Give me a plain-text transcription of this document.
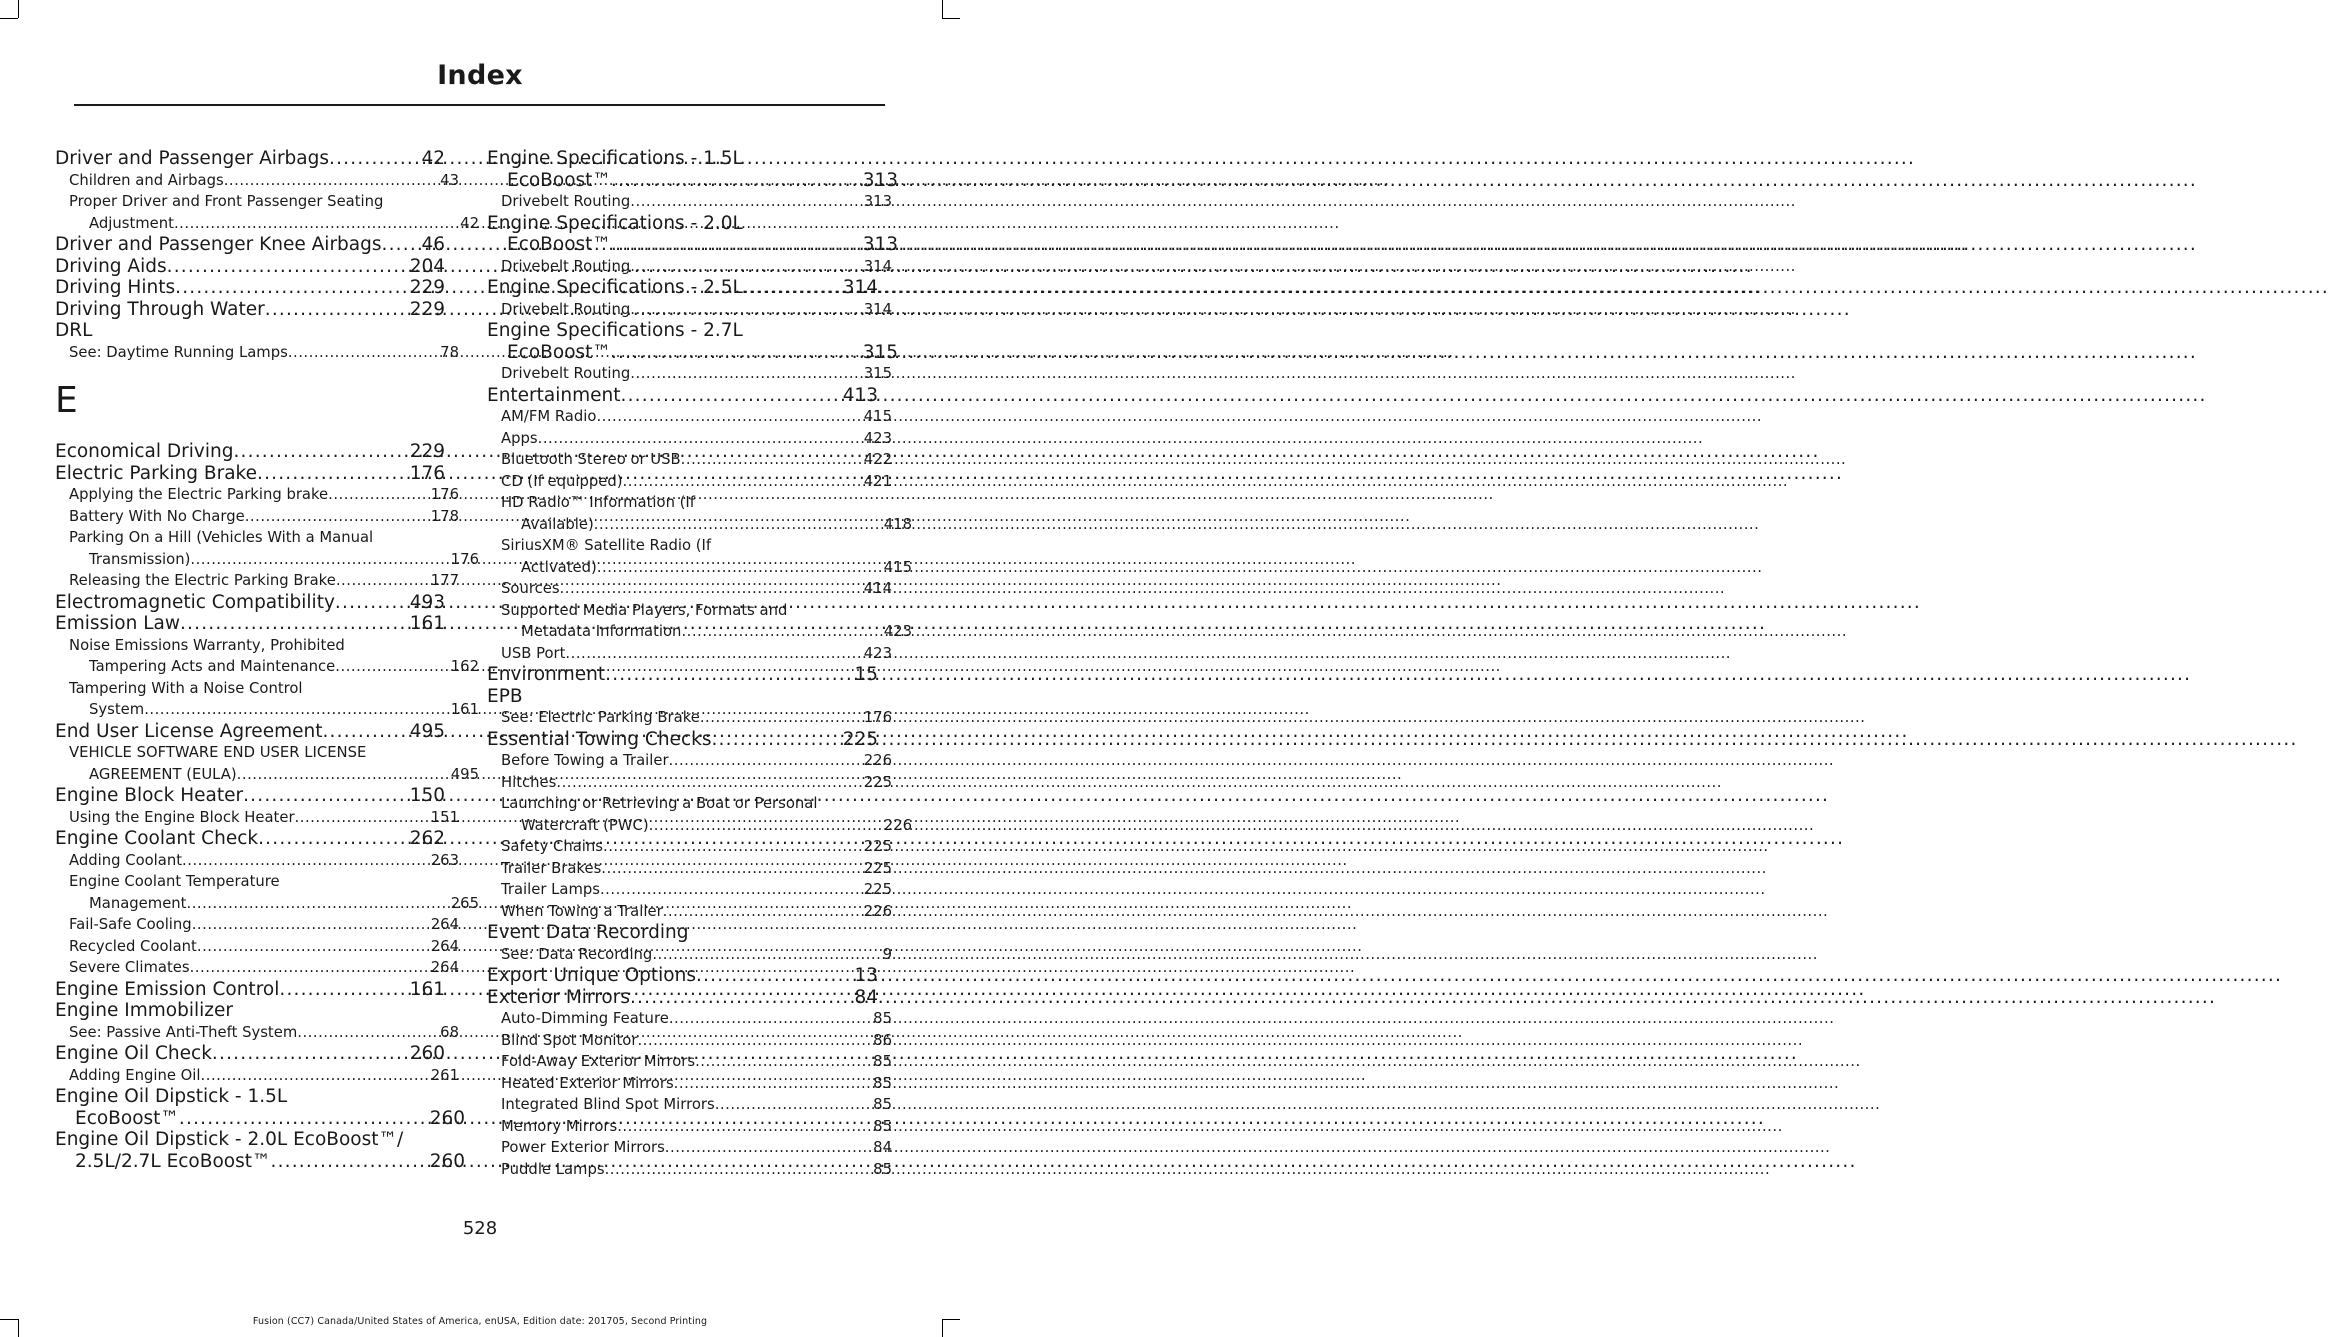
Index
Driver and Passenger Airbags .....	42
Children and Airbags .....	43
Proper Driver and Front Passenger Seating
Adjustment .....	42
Driver and Passenger Knee Airbags ..... 46
Driving Aids .....	204
Driving Hints .....	229
Driving Through Water .....	229
DRL
See: Daytime Running Lamps .....	78
E
Economical Driving .....	229
Electric Parking Brake .....	176
Applying the Electric Parking brake .....	176
Battery With No Charge .....	178
Parking On a Hill (Vehicles With a Manual
Transmission) .....	176
Releasing the Electric Parking Brake .....	177
Electromagnetic Compatibility .....	493
Emission Law .....	161
Noise Emissions Warranty, Prohibited
Tampering Acts and Maintenance .....	162
Tampering With a Noise Control
System .....	161
End User License Agreement .....	495
VEHICLE SOFTWARE END USER LICENSE
AGREEMENT (EULA) .....	495
Engine Block Heater .....	150
Using the Engine Block Heater .....	151
Engine Coolant Check .....	262
Adding Coolant .....	263
Engine Coolant Temperature
Management .....	265
Fail-Safe Cooling .....	264
Recycled Coolant .....	264
Severe Climates .....	264
Engine Emission Control .....	161
Engine Immobilizer
See: Passive Anti-Theft System .....	68
Engine Oil Check .....	260
Adding Engine Oil .....	261
Engine Oil Dipstick - 1.5L
EcoBoost™ .....	260
Engine Oil Dipstick - 2.0L EcoBoost™/
2.5L/2.7L EcoBoost™ .....	260
Engine Specifications - 1.5L
EcoBoost™ .....	313
Drivebelt Routing .....	313
Engine Specifications - 2.0L
EcoBoost™ .....	313
Drivebelt Routing .....	314
Engine Specifications - 2.5L .....	314
Drivebelt Routing .....	314
Engine Specifications - 2.7L
EcoBoost™ .....	315
Drivebelt Routing .....	315
Entertainment .....	413
AM/FM Radio .....	415
Apps .....	423
Bluetooth Stereo or USB .....	422
CD (If equipped) .....	421
HD Radio™ Information (If
Available) .....	418
SiriusXM® Satellite Radio (If
Activated) .....	415
Sources .....	414
Supported Media Players, Formats and
Metadata Information .....	423
USB Port .....	423
Environment .....	15
EPB
See: Electric Parking Brake .....	176
Essential Towing Checks .....	225
Before Towing a Trailer .....	226
Hitches .....	225
Launching or Retrieving a Boat or Personal
Watercraft (PWC) .....	226
Safety Chains .....	225
Trailer Brakes .....	225
Trailer Lamps .....	225
When Towing a Trailer .....	226
Event Data Recording
See: Data Recording .....	9
Export Unique Options .....	13
Exterior Mirrors .....	84
Auto-Dimming Feature .....	85
Blind Spot Monitor .....	86
Fold-Away Exterior Mirrors .....	85
Heated Exterior Mirrors .....	85
Integrated Blind Spot Mirrors .....	85
Memory Mirrors .....	85
Power Exterior Mirrors .....	84
Puddle Lamps .....	85
528
Fusion (CC7) Canada/United States of America, enUSA, Edition date: 201705, Second Printing
